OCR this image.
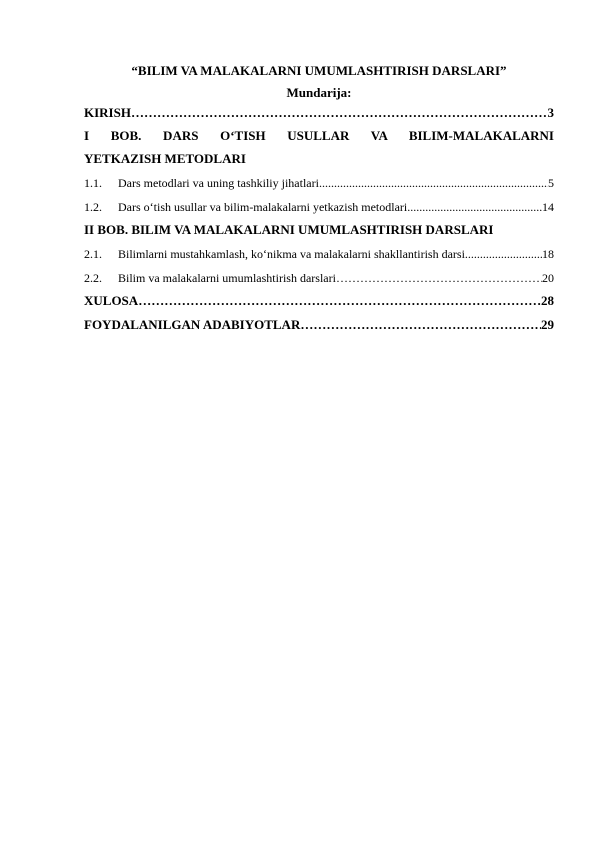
“BILIM VA MALAKALARNI UMUMLASHTIRISH DARSLARI”
Mundarija:
KIRISH ………………………………………………………………………………………………………………………………………	3
I BOB. DARS O‘TISH USULLAR VA BILIM-MALAKALARNI
YETKAZISH METODLARI
1.1.	Dars metodlari va uning tashkiliy jihatlari .....	5
1.2.	Dars o‘tish usullar va bilim-malakalarni yetkazish metodlari .....	14
II BOB. BILIM VA MALAKALARNI UMUMLASHTIRISH DARSLARI
2.1.	Bilimlarni mustahkamlash, ko‘nikma va malakalarni shakllantirish darsi .....	18
2.2.	Bilim va malakalarni umumlashtirish darslari ………………………………………………………………………………………………………………………………………	20
XULOSA ………………………………………………………………………………………………………………………………………	28
FOYDALANILGAN ADABIYOTLAR ………………………………………………………………………………………………………………………………………	29
